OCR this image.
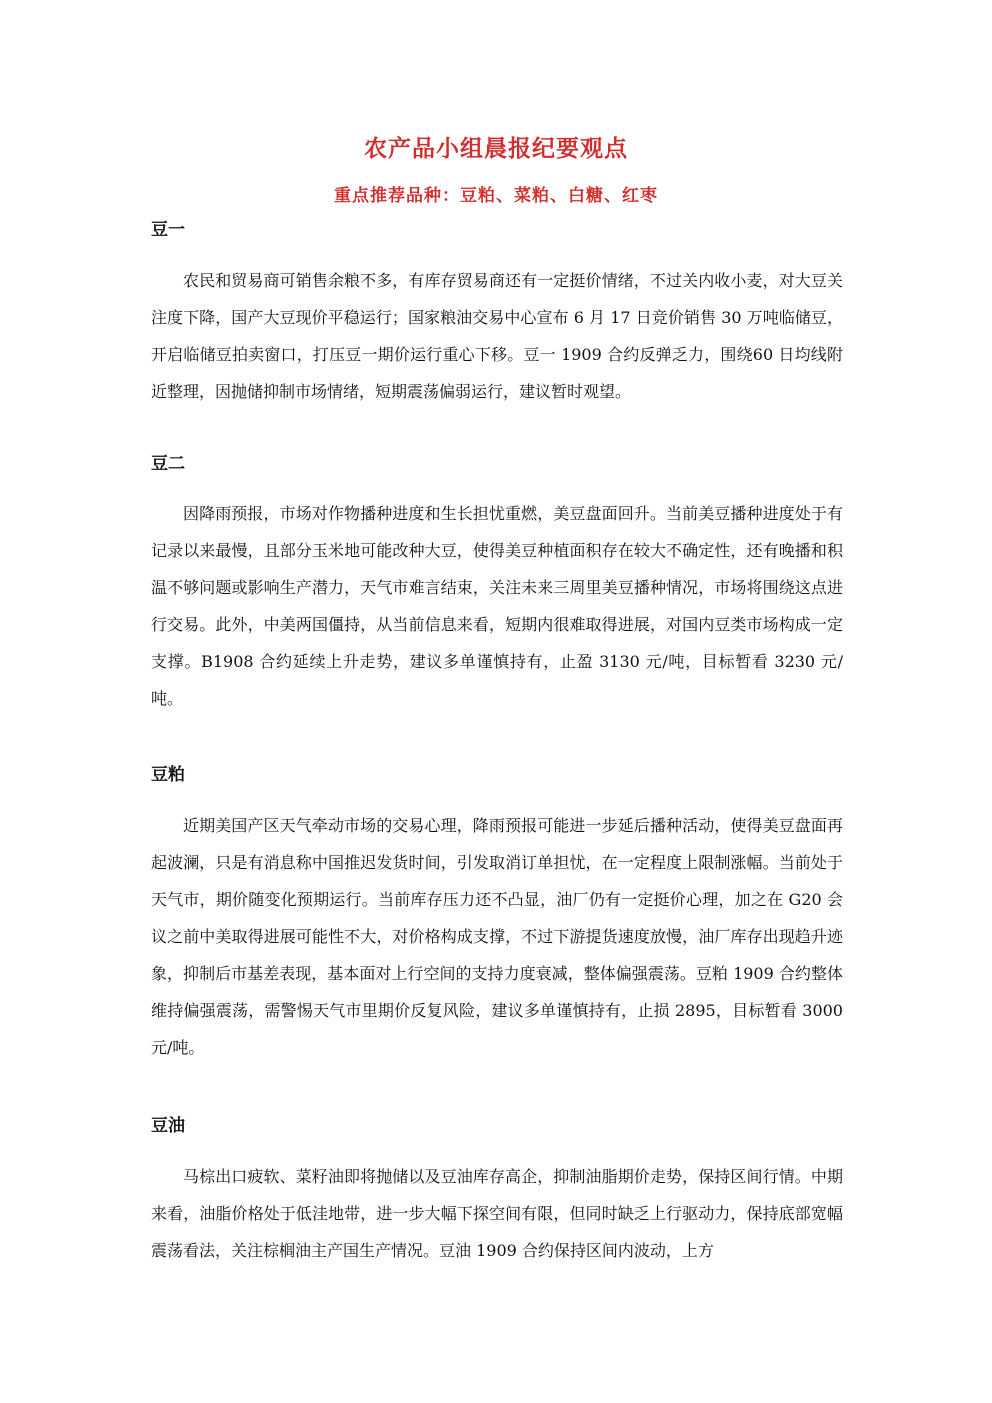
农产品小组晨报纪要观点
重点推荐品种：豆粕、菜粕、白糖、红枣
豆一

农民和贸易商可销售余粮不多，有库存贸易商还有一定挺价情绪，不过关内收小麦，对大豆关注度下降，国产大豆现价平稳运行；国家粮油交易中心宣布 6 月 17 日竞价销售 30 万吨临储豆，开启临储豆拍卖窗口，打压豆一期价运行重心下移。豆一 1909 合约反弹乏力，围绕60 日均线附近整理，因抛储抑制市场情绪，短期震荡偏弱运行，建议暂时观望。

豆二

因降雨预报，市场对作物播种进度和生长担忧重燃，美豆盘面回升。当前美豆播种进度处于有记录以来最慢，且部分玉米地可能改种大豆，使得美豆种植面积存在较大不确定性，还有晚播和积温不够问题或影响生产潜力，天气市难言结束，关注未来三周里美豆播种情况，市场将围绕这点进行交易。此外，中美两国僵持，从当前信息来看，短期内很难取得进展，对国内豆类市场构成一定支撑。B1908 合约延续上升走势，建议多单谨慎持有，止盈 3130 元/吨，目标暂看 3230 元/吨。

豆粕

近期美国产区天气牵动市场的交易心理，降雨预报可能进一步延后播种活动，使得美豆盘面再起波澜，只是有消息称中国推迟发货时间，引发取消订单担忧，在一定程度上限制涨幅。当前处于天气市，期价随变化预期运行。当前库存压力还不凸显，油厂仍有一定挺价心理，加之在 G20 会议之前中美取得进展可能性不大，对价格构成支撑，不过下游提货速度放慢，油厂库存出现趋升迹象，抑制后市基差表现，基本面对上行空间的支持力度衰减，整体偏强震荡。豆粕 1909 合约整体维持偏强震荡，需警惕天气市里期价反复风险，建议多单谨慎持有，止损 2895，目标暂看 3000 元/吨。

豆油

马棕出口疲软、菜籽油即将抛储以及豆油库存高企，抑制油脂期价走势，保持区间行情。中期来看，油脂价格处于低洼地带，进一步大幅下探空间有限，但同时缺乏上行驱动力，保持底部宽幅震荡看法，关注棕榈油主产国生产情况。豆油 1909 合约保持区间内波动，上方
